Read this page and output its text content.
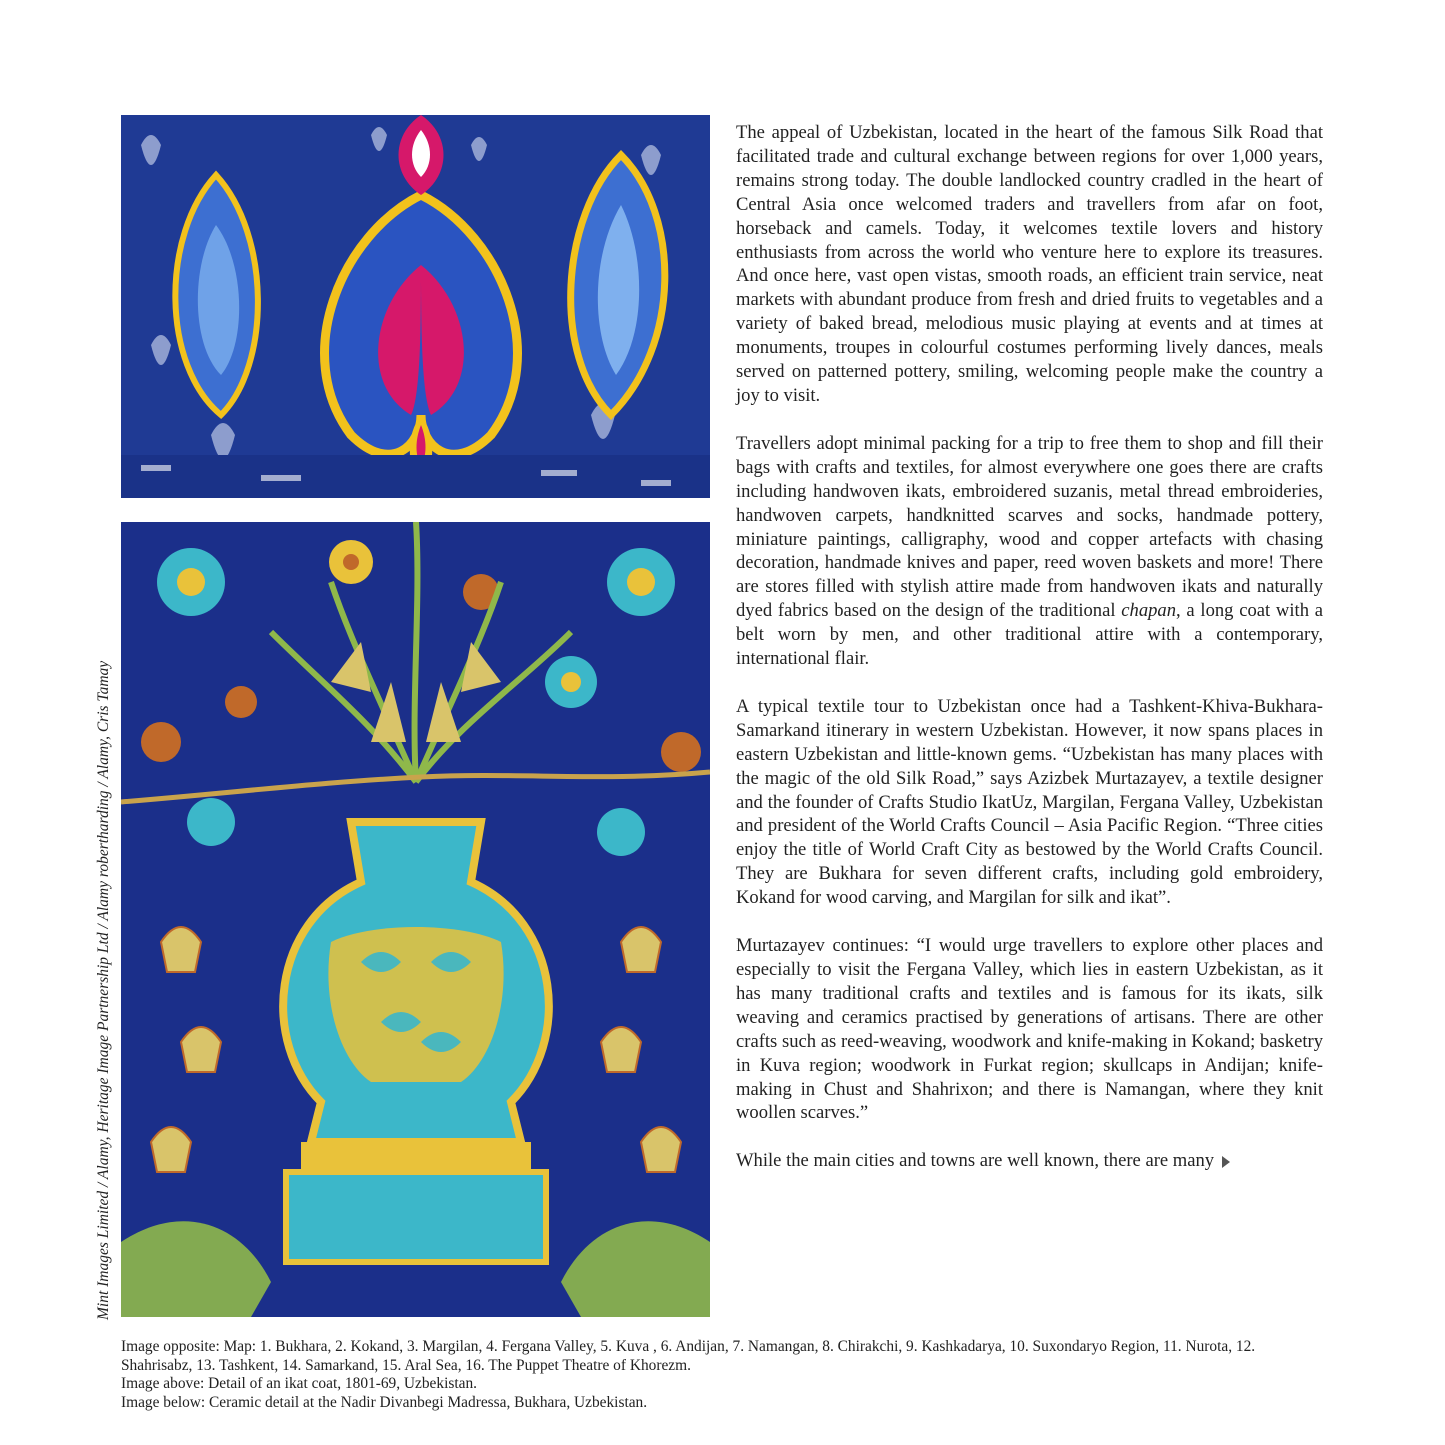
Mint Images Limited / Alamy, Heritage Image Partnership Ltd / Alamy robertharding / Alamy, Cris Tamay

The appeal of Uzbekistan, located in the heart of the famous Silk Road that facilitated trade and cultural exchange between regions for over 1,000 years, remains strong today. The double landlocked country cradled in the heart of Central Asia once welcomed traders and travellers from afar on foot, horseback and camels. Today, it welcomes textile lovers and history enthusiasts from across the world who venture here to explore its treasures. And once here, vast open vistas, smooth roads, an efficient train service, neat markets with abundant produce from fresh and dried fruits to vegetables and a variety of baked bread, melodious music playing at events and at times at monuments, troupes in colourful costumes performing lively dances, meals served on patterned pottery, smiling, welcoming people make the country a joy to visit.

Travellers adopt minimal packing for a trip to free them to shop and fill their bags with crafts and textiles, for almost everywhere one goes there are crafts including handwoven ikats, embroidered suzanis, metal thread embroideries, handwoven carpets, handknitted scarves and socks, handmade pottery, miniature paintings, calligraphy, wood and copper artefacts with chasing decoration, handmade knives and paper, reed woven baskets and more! There are stores filled with stylish attire made from handwoven ikats and naturally dyed fabrics based on the design of the traditional chapan, a long coat with a belt worn by men, and other traditional attire with a contemporary, international flair.

A typical textile tour to Uzbekistan once had a Tashkent-Khiva-Bukhara-Samarkand itinerary in western Uzbekistan. However, it now spans places in eastern Uzbekistan and little-known gems. “Uzbekistan has many places with the magic of the old Silk Road,” says Azizbek Murtazayev, a textile designer and the founder of Crafts Studio IkatUz, Margilan, Fergana Valley, Uzbekistan and president of the World Crafts Council – Asia Pacific Region. “Three cities enjoy the title of World Craft City as bestowed by the World Crafts Council. They are Bukhara for seven different crafts, including gold embroidery, Kokand for wood carving, and Margilan for silk and ikat”.

Murtazayev continues: “I would urge travellers to explore other places and especially to visit the Fergana Valley, which lies in eastern Uzbekistan, as it has many traditional crafts and textiles and is famous for its ikats, silk weaving and ceramics practised by generations of artisans. There are other crafts such as reed-weaving, woodwork and knife-making in Kokand; basketry in Kuva region; woodwork in Furkat region; skullcaps in Andijan; knife-making in Chust and Shahrixon; and there is Namangan, where they knit woollen scarves.”

While the main cities and towns are well known, there are many

Image opposite: Map: 1. Bukhara, 2. Kokand, 3. Margilan, 4. Fergana Valley, 5. Kuva , 6. Andijan, 7. Namangan, 8. Chirakchi, 9. Kashkadarya, 10. Suxondaryo Region, 11. Nurota, 12. Shahrisabz, 13. Tashkent, 14. Samarkand, 15. Aral Sea, 16. The Puppet Theatre of Khorezm.
Image above: Detail of an ikat coat, 1801-69, Uzbekistan.
Image below: Ceramic detail at the Nadir Divanbegi Madressa, Bukhara, Uzbekistan.
